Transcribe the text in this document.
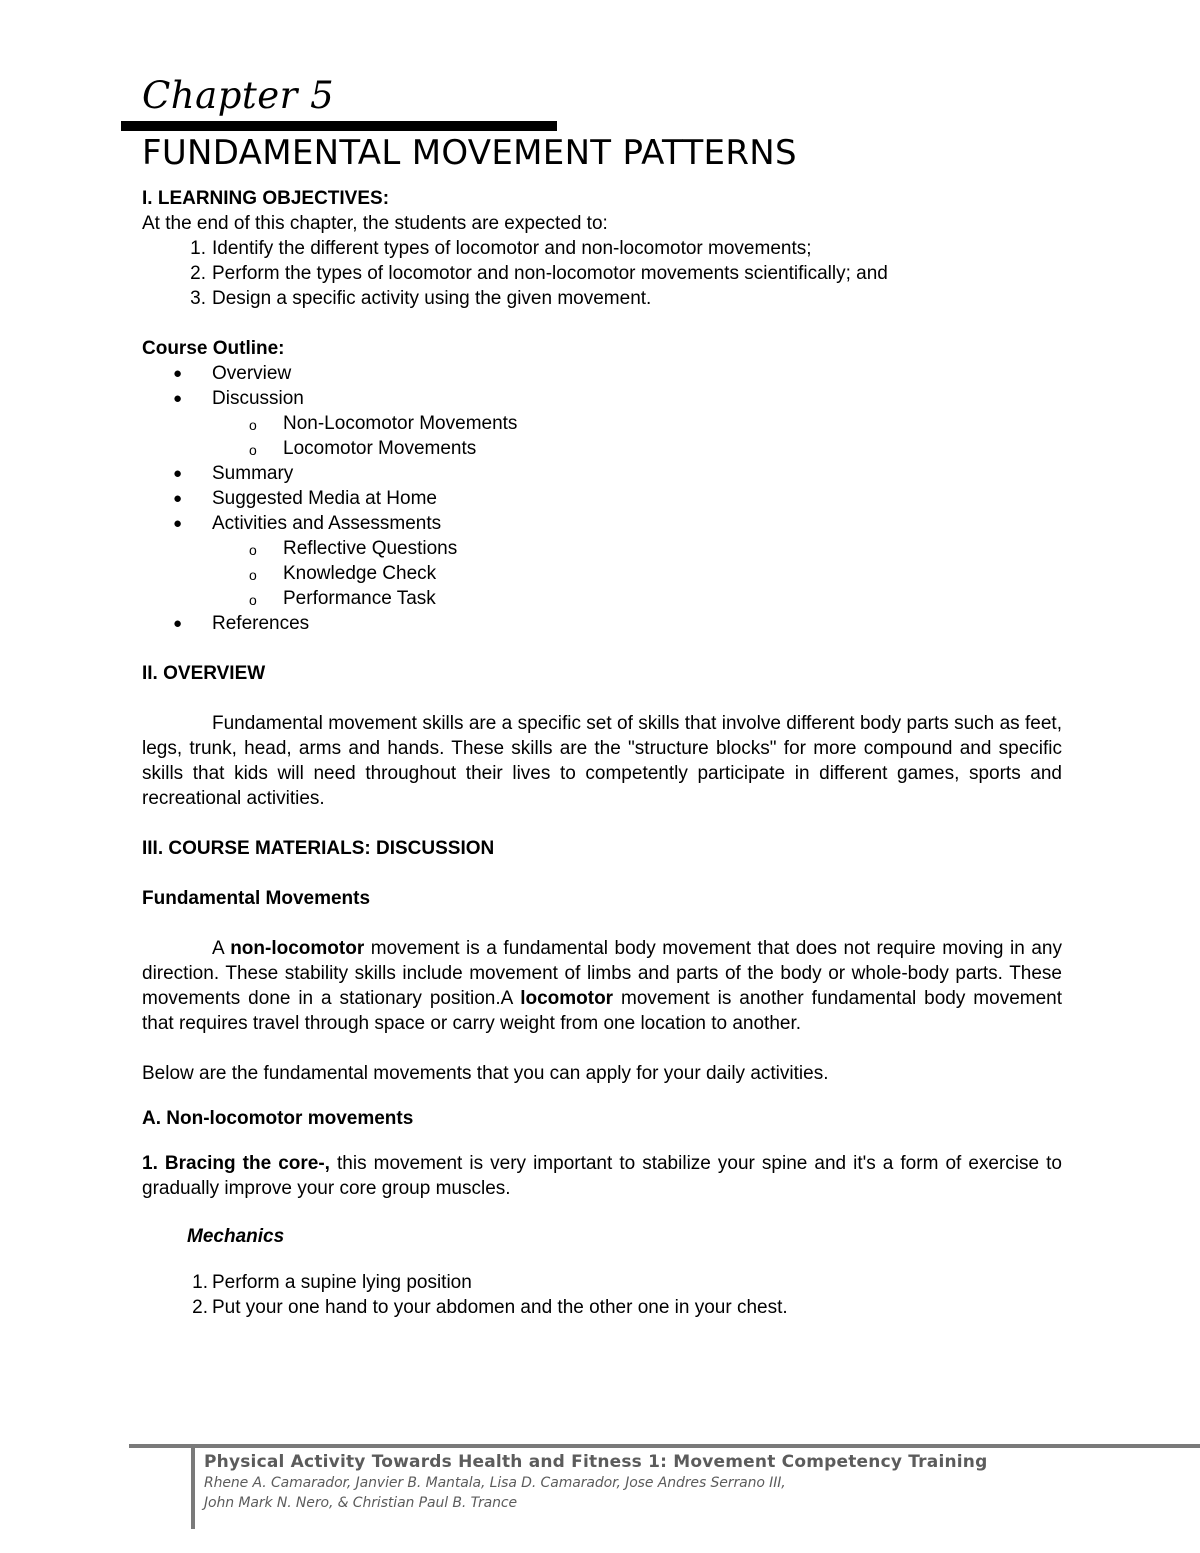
Chapter 5
FUNDAMENTAL MOVEMENT PATTERNS
I. LEARNING OBJECTIVES:

At the end of this chapter, the students are expected to:

1. Identify the different types of locomotor and non-locomotor movements;
2. Perform the types of locomotor and non-locomotor movements scientifically; and
3. Design a specific activity using the given movement.
Course Outline:
● Overview
● Discussion
o Non-Locomotor Movements
o Locomotor Movements
● Summary
● Suggested Media at Home
● Activities and Assessments
o Reflective Questions
o Knowledge Check
o Performance Task
● References
II. OVERVIEW

Fundamental movement skills are a specific set of skills that involve different body parts such as feet, legs, trunk, head, arms and hands. These skills are the "structure blocks" for more compound and specific skills that kids will need throughout their lives to competently participate in different games, sports and recreational activities.

III. COURSE MATERIALS: DISCUSSION
Fundamental Movements

A non-locomotor movement is a fundamental body movement that does not require moving in any direction. These stability skills include movement of limbs and parts of the body or whole-body parts. These movements done in a stationary position.A locomotor movement is another fundamental body movement that requires travel through space or carry weight from one location to another.

Below are the fundamental movements that you can apply for your daily activities.

A. Non-locomotor movements

1. Bracing the core-, this movement is very important to stabilize your spine and it's a form of exercise to gradually improve your core group muscles.

Mechanics
1. Perform a supine lying position
2. Put your one hand to your abdomen and the other one in your chest.
Physical Activity Towards Health and Fitness 1: Movement Competency Training
Rhene A. Camarador, Janvier B. Mantala, Lisa D. Camarador, Jose Andres Serrano III,
John Mark N. Nero, & Christian Paul B. Trance
